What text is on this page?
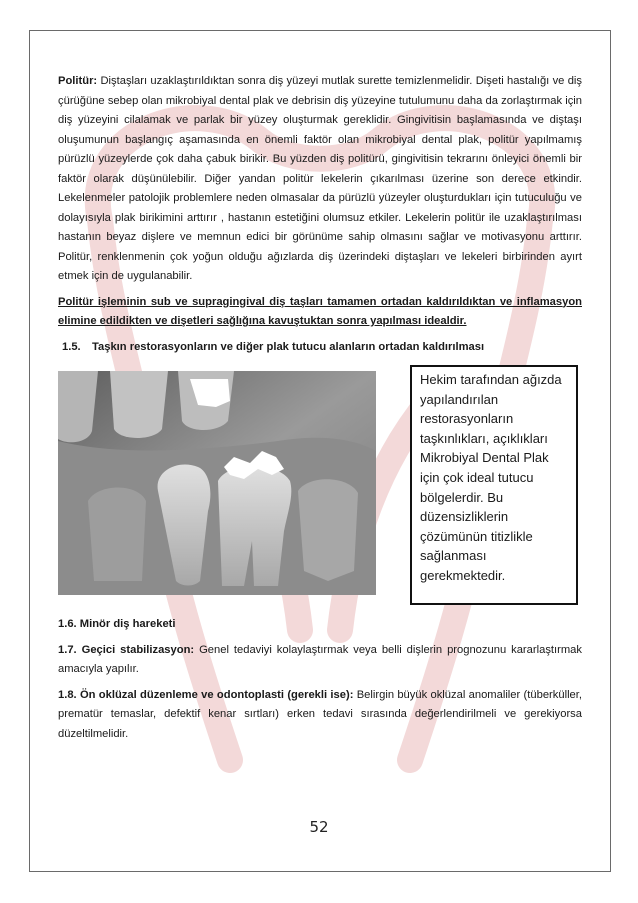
Politür: Diştaşları uzaklaştırıldıktan sonra diş yüzeyi mutlak surette temizlenmelidir. Dişeti hastalığı ve diş çürüğüne sebep olan mikrobiyal dental plak ve debrisin diş yüzeyine tutulumunu daha da zorlaştırmak için diş yüzeyini cilalamak ve parlak bir yüzey oluşturmak gereklidir. Gingivitisin başlamasında ve diştaşı oluşumunun başlangıç aşamasında en önemli faktör olan mikrobiyal dental plak, politür yapılmamış pürüzlü yüzeylerde çok daha çabuk birikir. Bu yüzden diş politürü, gingivitisin tekrarını önleyici önemli bir faktör olarak düşünülebilir. Diğer yandan politür lekelerin çıkarılması üzerine son derece etkindir. Lekelenmeler patolojik problemlere neden olmasalar da pürüzlü yüzeyler oluşturdukları için tutuculuğu ve dolayısıyla plak birikimini arttırır , hastanın estetiğini olumsuz etkiler. Lekelerin politür ile uzaklaştırılması hastanın beyaz dişlere ve memnun edici bir görünüme sahip olmasını sağlar ve motivasyonu arttırır. Politür, renklenmenin çok yoğun olduğu ağızlarda diş üzerindeki diştaşları ve lekeleri birbirinden ayırt etmek için de uygulanabilir.

Politür işleminin sub ve supragingival diş taşları tamamen ortadan kaldırıldıktan ve inflamasyon elimine edildikten ve dişetleri sağlığına kavuştuktan sonra yapılması idealdir.

1.5.	Taşkın restorasyonların ve diğer plak tutucu alanların ortadan kaldırılması
Hekim tarafından ağızda yapılandırılan restorasyonların taşkınlıkları, açıklıkları Mikrobiyal Dental Plak için çok ideal tutucu bölgelerdir. Bu düzensizliklerin çözümünün titizlikle sağlanması gerekmektedir.

1.6. Minör diş hareketi

1.7. Geçici stabilizasyon: Genel tedaviyi kolaylaştırmak veya belli dişlerin prognozunu kararlaştırmak amacıyla yapılır.

1.8. Ön oklüzal düzenleme ve odontoplasti (gerekli ise): Belirgin büyük oklüzal anomaliler (tüberküller, prematür temaslar, defektif kenar sırtları) erken tedavi sırasında değerlendirilmeli ve gerekiyorsa düzeltilmelidir.

52
